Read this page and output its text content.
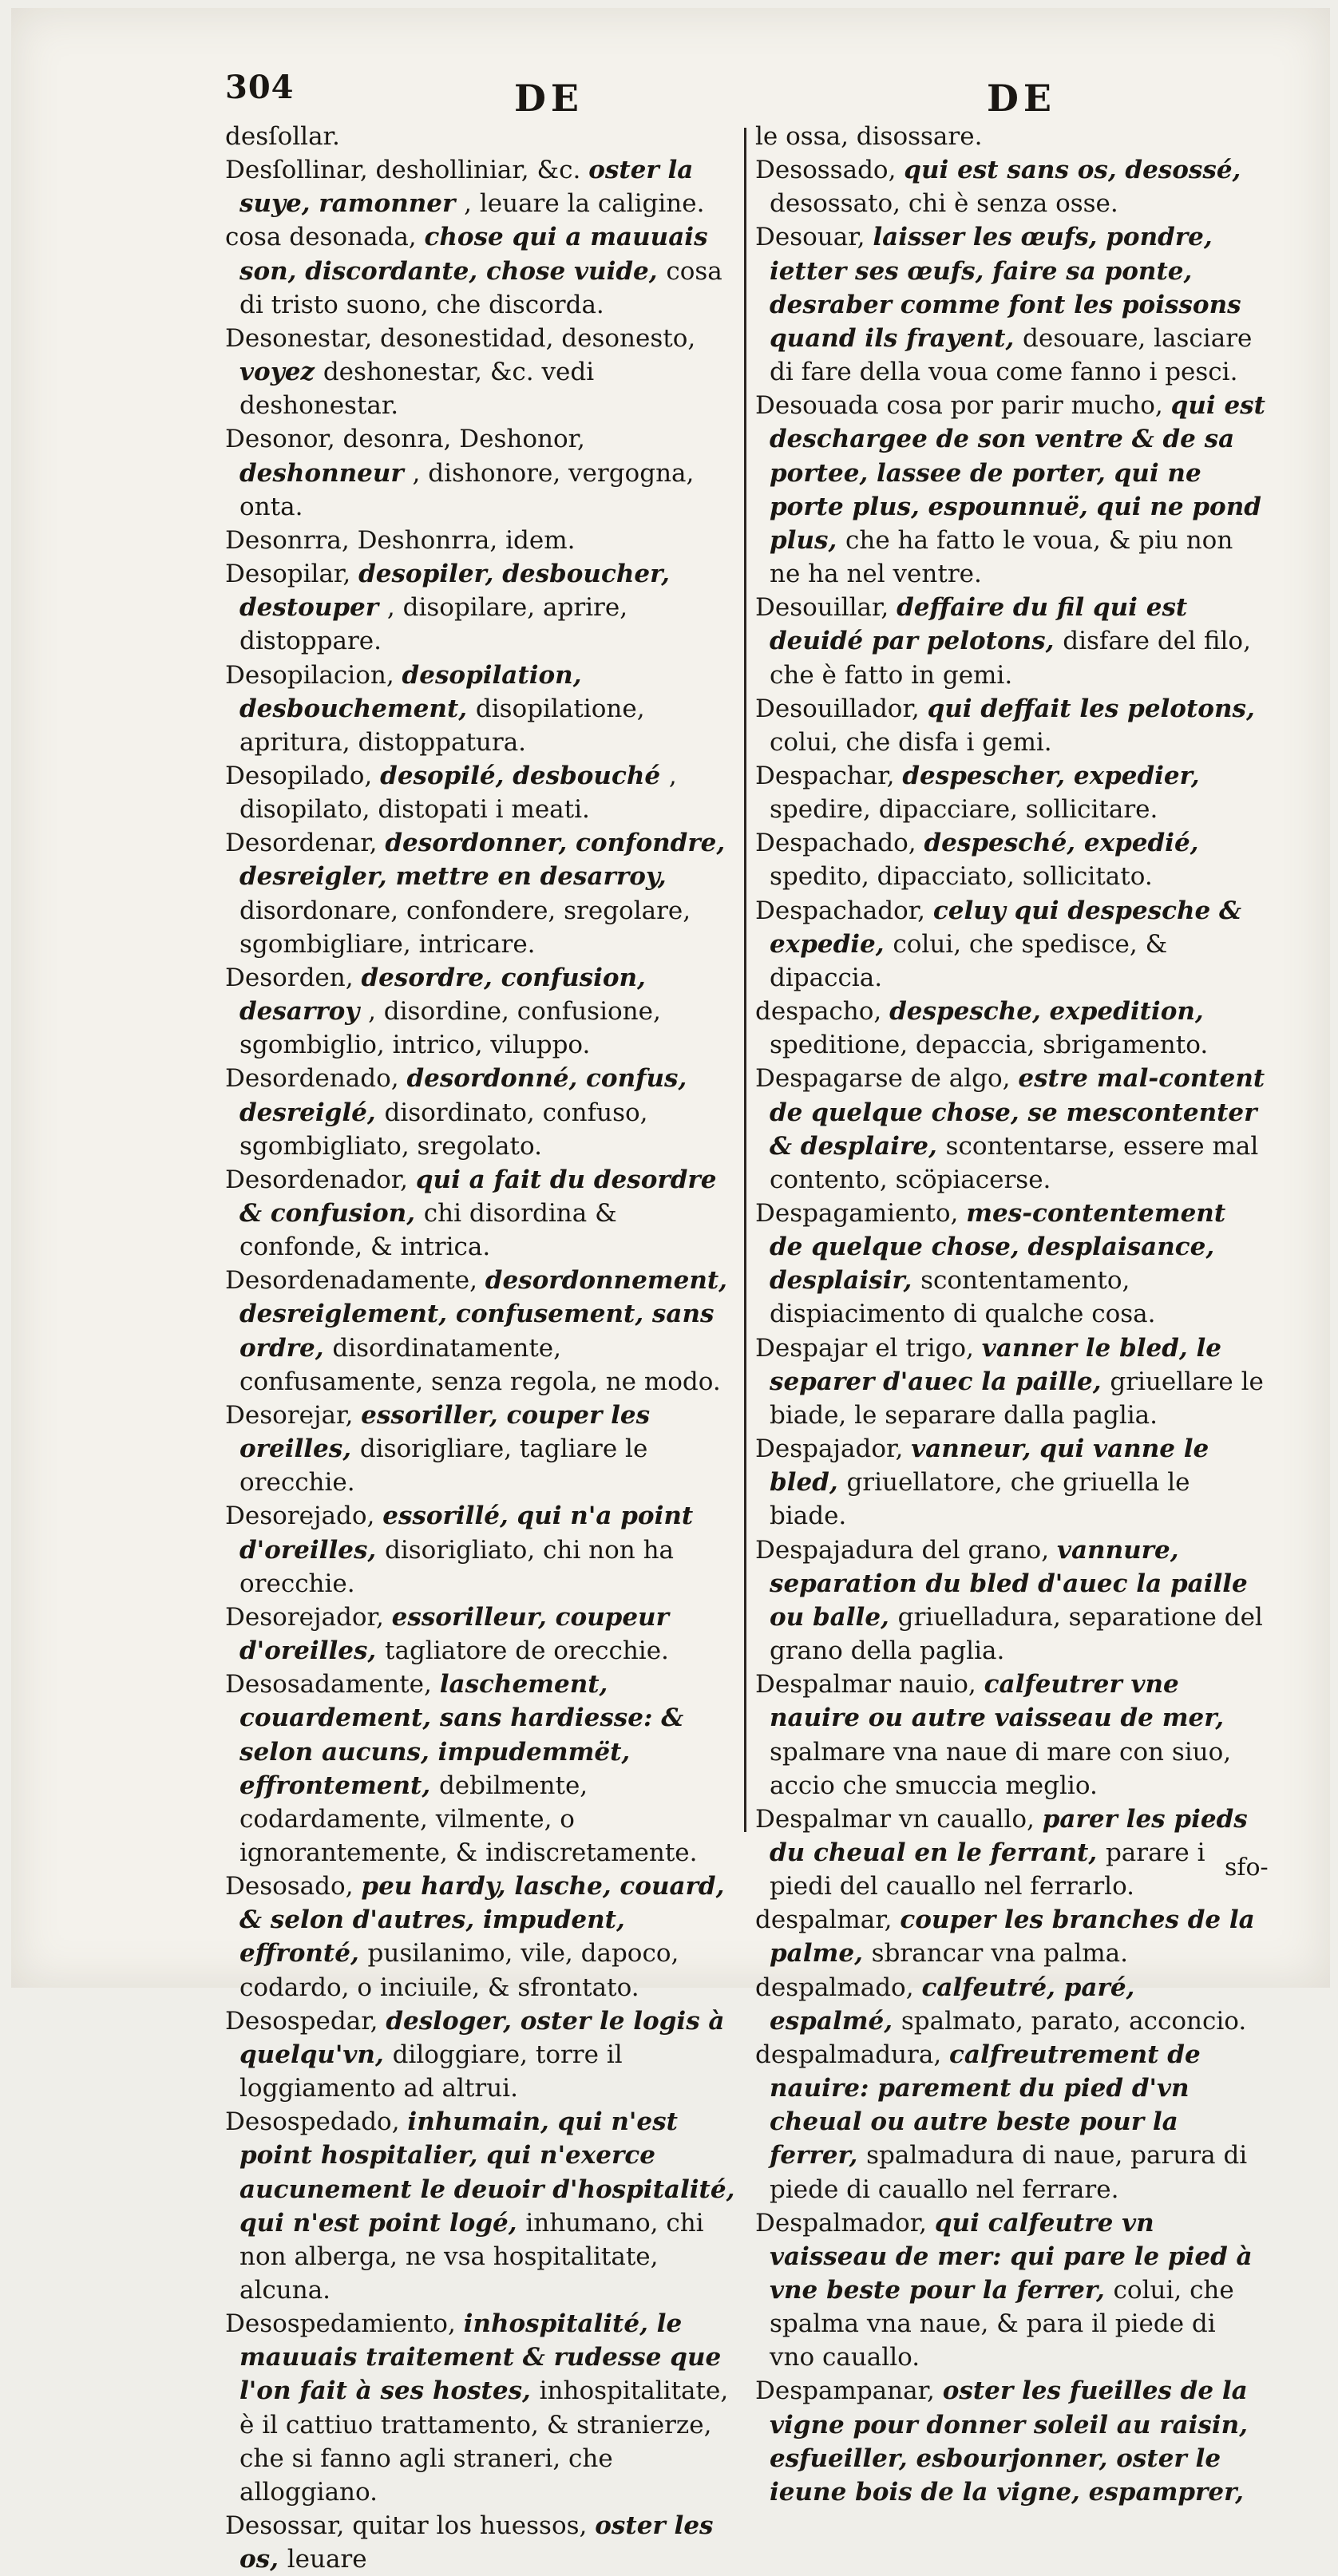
304	DE	DE

desſollar.

Desſollinar, desholliniar, &c. oster la suye, ramonner , leuare la caligine.

cosa desonada, chose qui a mauuais son, discordante, chose vuide, cosa di tristo suono, che discorda.

Desonestar, desonestidad, desonesto, voyez deshonestar, &c. vedi deshonestar.

Desonor, desonra, Deshonor, deshonneur , dishonore, vergogna, onta.

Desonrra, Deshonrra, idem.

Desopilar, desopiler, desboucher, destouper , disopilare, aprire, distoppare.

Desopilacion, desopilation, desbouchement, disopilatione, apritura, distoppatura.

Desopilado, desopilé, desbouché , disopilato, distopati i meati.

Desordenar, desordonner, confondre, desreigler, mettre en desarroy, disordonare, confondere, sregolare, sgombigliare, intricare.

Desorden, desordre, confusion, desarroy , disordine, confusione, sgombiglio, intrico, viluppo.

Desordenado, desordonné, confus, desreiglé, disordinato, confuso, sgombigliato, sregolato.

Desordenador, qui a fait du desordre & confusion, chi disordina & confonde, & intrica.

Desordenadamente, desordonnement, desreiglement, confusement, sans ordre, disordinatamente, confusamente, senza regola, ne modo.

Desorejar, essoriller, couper les oreilles, disorigliare, tagliare le orecchie.

Desorejado, essorillé, qui n'a point d'oreilles, disorigliato, chi non ha orecchie.

Desorejador, essorilleur, coupeur d'oreilles, tagliatore de orecchie.

Desosadamente, laschement, couardement, sans hardiesse: & selon aucuns, impudemmët, effrontement, debilmente, codardamente, vilmente, o ignorantemente, & indiscretamente.

Desosado, peu hardy, lasche, couard, & selon d'autres, impudent, effronté, pusilanimo, vile, dapoco, codardo, o inciuile, & sfrontato.

Desospedar, desloger, oster le logis à quelqu'vn, diloggiare, torre il loggiamento ad altrui.

Desospedado, inhumain, qui n'est point hospitalier, qui n'exerce aucunement le deuoir d'hospitalité, qui n'est point logé, inhumano, chi non alberga, ne vsa hospitalitate, alcuna.

Desospedamiento, inhospitalité, le mauuais traitement & rudesse que l'on fait à ses hostes, inhospitalitate, è il cattiuo trattamento, & stranierze, che si fanno agli straneri, che alloggiano.

Desossar, quitar los huessos, oster les os, leuare

le ossa, disossare.

Desossado, qui est sans os, desossé, desossato, chi è senza osse.

Desouar, laisser les œufs, pondre, ietter ses œufs, faire sa ponte, desraber comme font les poissons quand ils frayent, desouare, lasciare di fare della voua come fanno i pesci.

Desouada cosa por parir mucho, qui est deschargee de son ventre & de sa portee, lassee de porter, qui ne porte plus, espounnuë, qui ne pond plus, che ha fatto le voua, & piu non ne ha nel ventre.

Desouillar, deffaire du fil qui est deuidé par pelotons, disfare del filo, che è fatto in gemi.

Desouillador, qui deffait les pelotons, colui, che disfa i gemi.

Despachar, despescher, expedier, spedire, dipacciare, sollicitare.

Despachado, despesché, expedié, spedito, dipacciato, sollicitato.

Despachador, celuy qui despesche & expedie, colui, che spedisce, & dipaccia.

despacho, despesche, expedition, speditione, depaccia, sbrigamento.

Despagarse de algo, estre mal-content de quelque chose, se mescontenter & desplaire, scontentarse, essere mal contento, scöpiacerse.

Despagamiento, mes-contentement de quelque chose, desplaisance, desplaisir, scontentamento, dispiacimento di qualche cosa.

Despajar el trigo, vanner le bled, le separer d'auec la paille, griuellare le biade, le separare dalla paglia.

Despajador, vanneur, qui vanne le bled, griuellatore, che griuella le biade.

Despajadura del grano, vannure, separation du bled d'auec la paille ou balle, griuelladura, separatione del grano della paglia.

Despalmar nauio, calfeutrer vne nauire ou autre vaisseau de mer, spalmare vna naue di mare con siuo, accio che smuccia meglio.

Despalmar vn cauallo, parer les pieds du cheual en le ferrant, parare i piedi del cauallo nel ferrarlo.

despalmar, couper les branches de la palme, sbrancar vna palma.

despalmado, calfeutré, paré, espalmé, spalmato, parato, acconcio.

despalmadura, calfreutrement de nauire: parement du pied d'vn cheual ou autre beste pour la ferrer, spalmadura di naue, parura di piede di cauallo nel ferrare.

Despalmador, qui calfeutre vn vaisseau de mer: qui pare le pied à vne beste pour la ferrer, colui, che spalma vna naue, & para il piede di vno cauallo.

Despampanar, oster les fueilles de la vigne pour donner soleil au raisin, esfueiller, esbourjonner, oster le ieune bois de la vigne, espamprer,

sfo-
